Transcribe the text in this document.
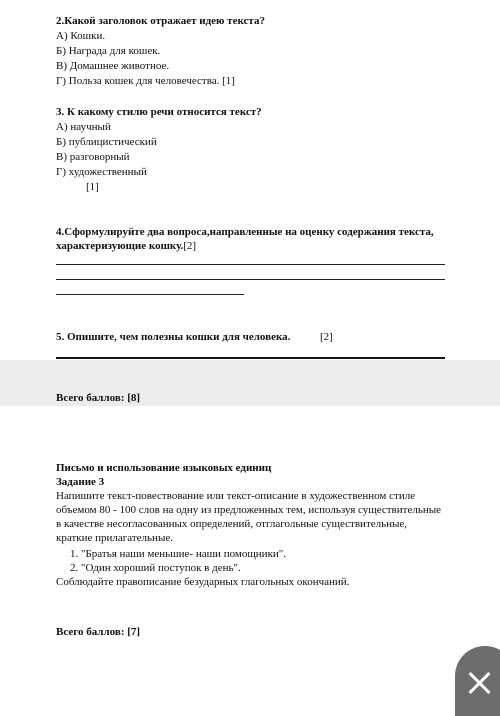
2.Какой заголовок отражает идею текста?
А) Кошки.
Б) Награда для кошек.
В) Домашнее животное.
Г) Польза кошек для человечества. [1]
3. К какому стилю речи относится текст?
А) научный
Б) публицистический
В) разговорный
Г) художественный
[1]
4.Сформулируйте два вопроса,направленные на оценку содержания текста,
характеризующие кошку.[2]
5. Опишите, чем полезны кошки для человека.	[2]
Всего баллов: [8]
Письмо и использование языковых единиц
Задание 3
Напишите текст-повествование или текст-описание в художественном стиле
объемом 80 - 100 слов на одну из предложенных тем, используя существительные
в качестве несогласованных определений, отглагольные существительные,
краткие прилагательные.
1. "Братья наши меньшие- наши помощники".
2. "Один хороший поступок в день".
Соблюдайте правописание безударных глагольных окончаний.
Всего баллов: [7]
